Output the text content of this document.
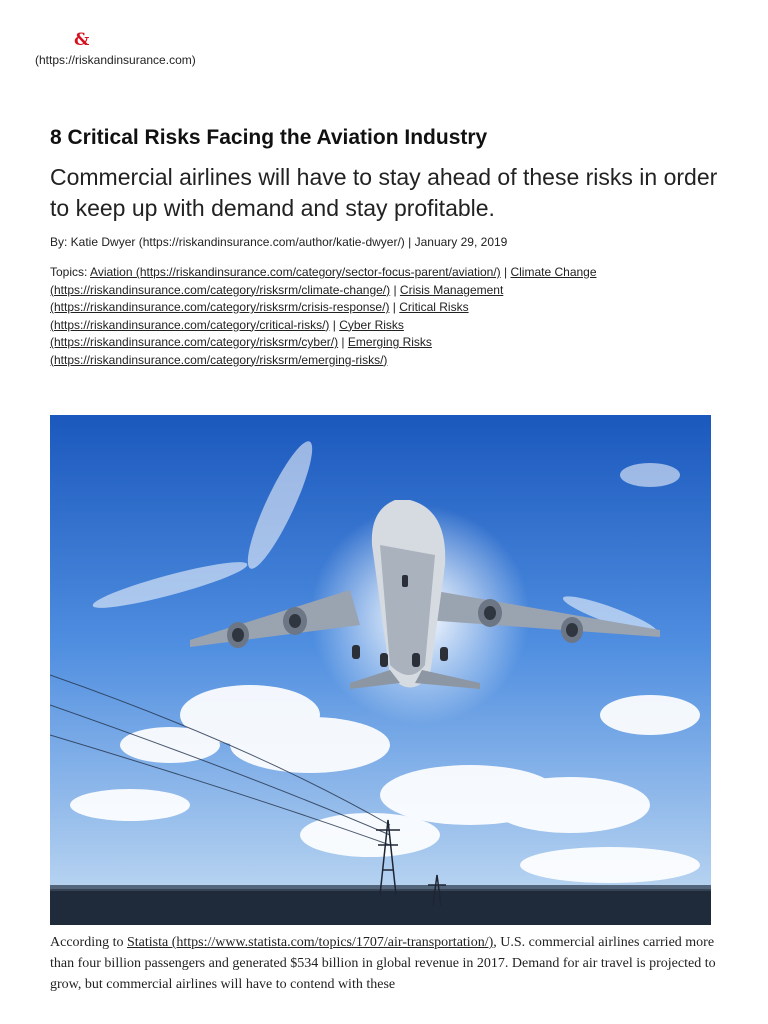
&
(https://riskandinsurance.com)
8 Critical Risks Facing the Aviation Industry
Commercial airlines will have to stay ahead of these risks in order to keep up with demand and stay profitable.
By: Katie Dwyer (https://riskandinsurance.com/author/katie-dwyer/) | January 29, 2019
Topics: Aviation (https://riskandinsurance.com/category/sector-focus-parent/aviation/) | Climate Change (https://riskandinsurance.com/category/risksrm/climate-change/) | Crisis Management (https://riskandinsurance.com/category/risksrm/crisis-response/) | Critical Risks (https://riskandinsurance.com/category/critical-risks/) | Cyber Risks (https://riskandinsurance.com/category/risksrm/cyber/) | Emerging Risks (https://riskandinsurance.com/category/risksrm/emerging-risks/)

According to Statista (https://www.statista.com/topics/1707/air-transportation/), U.S. commercial airlines carried more than four billion passengers and generated $534 billion in global revenue in 2017. Demand for air travel is projected to grow, but commercial airlines will have to contend with these
